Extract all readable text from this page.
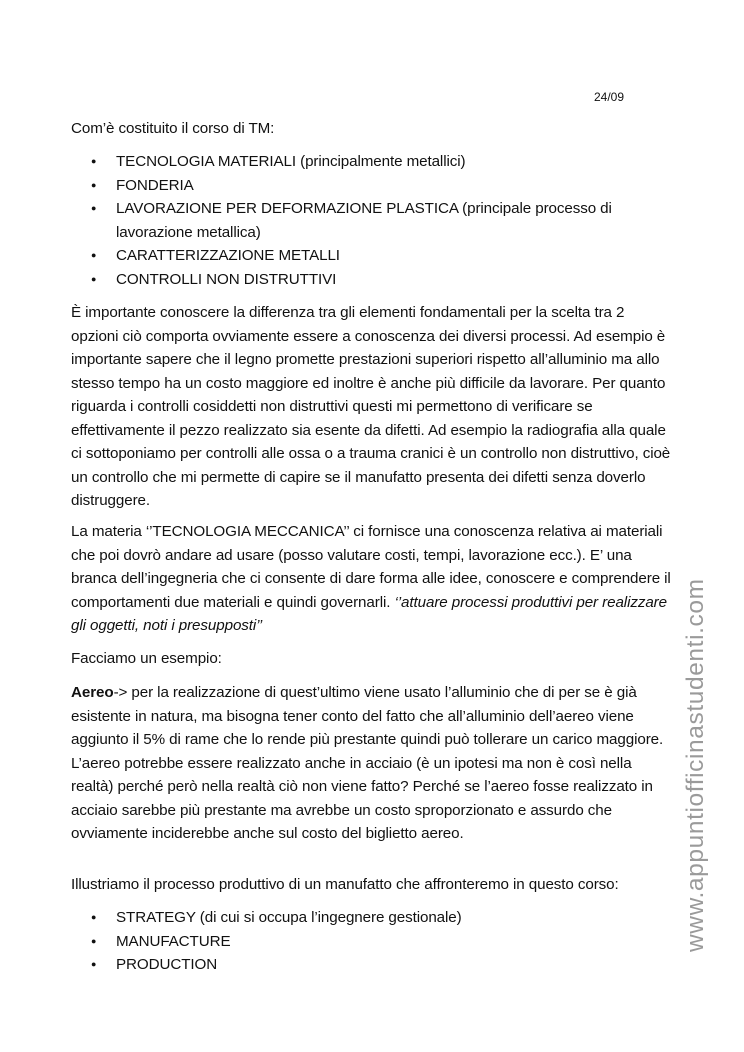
24/09

Com’è costituito il corso di TM:

● TECNOLOGIA MATERIALI (principalmente metallici)
● FONDERIA
● LAVORAZIONE PER DEFORMAZIONE PLASTICA (principale processo di lavorazione metallica)
● CARATTERIZZAZIONE METALLI
● CONTROLLI NON DISTRUTTIVI

È importante conoscere la differenza tra gli elementi fondamentali per la scelta tra 2 opzioni ciò comporta ovviamente essere a conoscenza dei diversi processi. Ad esempio è importante sapere che il legno promette prestazioni superiori rispetto all’alluminio ma allo stesso tempo ha un costo maggiore ed inoltre è anche più difficile da lavorare. Per quanto riguarda i controlli cosiddetti non distruttivi questi mi permettono di verificare se effettivamente il pezzo realizzato sia esente da difetti. Ad esempio la radiografia alla quale ci sottoponiamo per controlli alle ossa o a trauma cranici è un controllo non distruttivo, cioè un controllo che mi permette di capire se il manufatto presenta dei difetti senza doverlo distruggere.

La materia ‘’TECNOLOGIA MECCANICA’’ ci fornisce una conoscenza relativa ai materiali che poi dovrò andare ad usare (posso valutare costi, tempi, lavorazione ecc.). E’ una branca dell’ingegneria che ci consente di dare forma alle idee, conoscere e comprendere il comportamenti due materiali e quindi governarli. ‘’attuare processi produttivi per realizzare gli oggetti, noti i presupposti’’

Facciamo un esempio:

Aereo-> per la realizzazione di quest’ultimo viene usato l’alluminio che di per se è già esistente in natura, ma bisogna tener conto del fatto che all’alluminio dell’aereo viene aggiunto il 5% di rame che lo rende più prestante quindi può tollerare un carico maggiore. L’aereo potrebbe essere realizzato anche in acciaio (è un ipotesi ma non è così nella realtà) perché però nella realtà ciò non viene fatto? Perché se l’aereo fosse realizzato in acciaio sarebbe più prestante ma avrebbe un costo sproporzionato e assurdo che ovviamente inciderebbe anche sul costo del biglietto aereo.

Illustriamo il processo produttivo di un manufatto che affronteremo in questo corso:

● STRATEGY (di cui si occupa l’ingegnere gestionale)
● MANUFACTURE
● PRODUCTION
www.appuntiofficinastudenti.com
